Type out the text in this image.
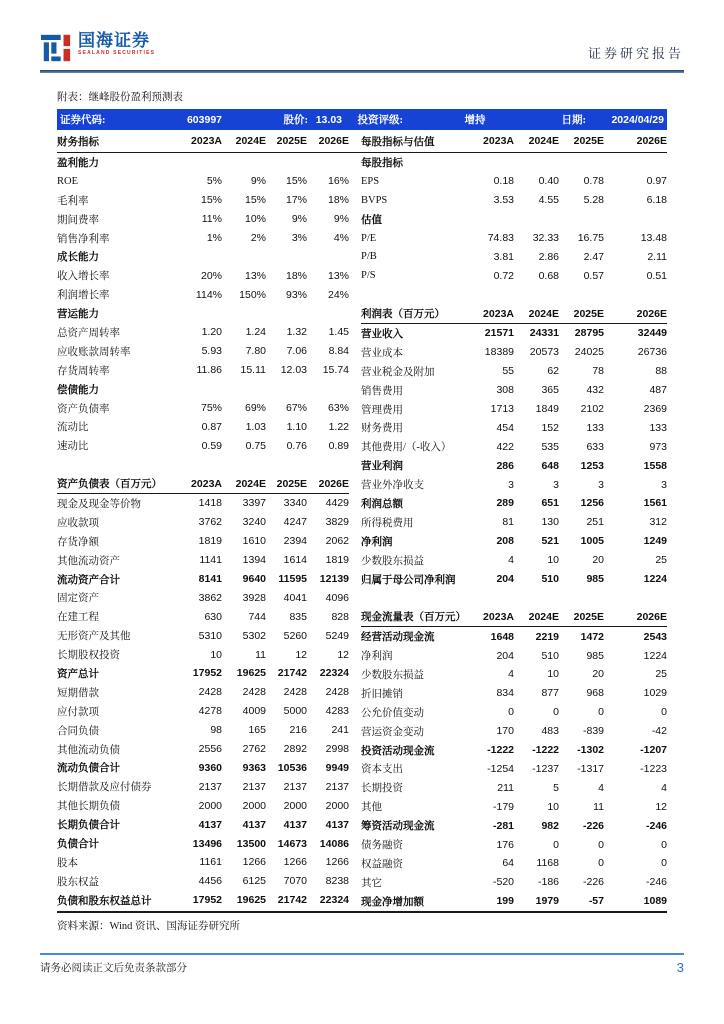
国海证券
SEALAND SECURITIES	证券研究报告
附表：继峰股份盈利预测表
证券代码:	603997	股价: 13.03	投资评级:	增持	日期:	2024/04/29
财务指标	2023A	2024E	2025E	2026E 每股指标与估值	2023A	2024E	2025E	2026E
盈利能力
ROE	5%	9%	15%	16%
毛利率	15%	15%	17%	18%
期间费率	11%	10%	9%	9%
销售净利率	1%	2%	3%	4%
成长能力
收入增长率	20%	13%	18%	13%
利润增长率	114%	150%	93%	24%
营运能力
总资产周转率	1.20	1.24	1.32	1.45
应收账款周转率	5.93	7.80	7.06	8.84
存货周转率	11.86	15.11	12.03	15.74
偿债能力
资产负债率	75%	69%	67%	63%
流动比	0.87	1.03	1.10	1.22
速动比	0.59	0.75	0.76	0.89
资产负债表（百万元）	2023A	2024E	2025E	2026E
现金及现金等价物	1418	3397	3340	4429
应收款项	3762	3240	4247	3829
存货净额	1819	1610	2394	2062
其他流动资产	1141	1394	1614	1819
流动资产合计	8141	9640	11595	12139
固定资产	3862	3928	4041	4096
在建工程	630	744	835	828
无形资产及其他	5310	5302	5260	5249
长期股权投资	10	11	12	12
资产总计	17952	19625	21742	22324
短期借款	2428	2428	2428	2428
应付款项	4278	4009	5000	4283
合同负债	98	165	216	241
其他流动负债	2556	2762	2892	2998
流动负债合计	9360	9363	10536	9949
长期借款及应付债券	2137	2137	2137	2137
其他长期负债	2000	2000	2000	2000
长期负债合计	4137	4137	4137	4137
负债合计	13496	13500	14673	14086
股本	1161	1266	1266	1266
股东权益	4456	6125	7070	8238
负债和股东权益总计	17952	19625	21742	22324
每股指标
EPS	0.18	0.40	0.78	0.97
BVPS	3.53	4.55	5.28	6.18
估值
P/E	74.83	32.33	16.75	13.48
P/B	3.81	2.86	2.47	2.11
P/S	0.72	0.68	0.57	0.51
利润表（百万元）	2023A	2024E	2025E	2026E
营业收入	21571	24331	28795	32449
营业成本	18389	20573	24025	26736
营业税金及附加	55	62	78	88
销售费用	308	365	432	487
管理费用	1713	1849	2102	2369
财务费用	454	152	133	133
其他费用/（-收入）	422	535	633	973
营业利润	286	648	1253	1558
营业外净收支	3	3	3	3
利润总额	289	651	1256	1561
所得税费用	81	130	251	312
净利润	208	521	1005	1249
少数股东损益	4	10	20	25
归属于母公司净利润	204	510	985	1224
现金流量表（百万元）	2023A	2024E	2025E	2026E
经营活动现金流	1648	2219	1472	2543
净利润	204	510	985	1224
少数股东损益	4	10	20	25
折旧摊销	834	877	968	1029
公允价值变动	0	0	0	0
营运资金变动	170	483	-839	-42
投资活动现金流	-1222	-1222	-1302	-1207
资本支出	-1254	-1237	-1317	-1223
长期投资	211	5	4	4
其他	-179	10	11	12
筹资活动现金流	-281	982	-226	-246
债务融资	176	0	0	0
权益融资	64	1168	0	0
其它	-520	-186	-226	-246
现金净增加额	199	1979	-57	1089
资料来源：Wind 资讯、国海证券研究所
请务必阅读正文后免责条款部分	3
